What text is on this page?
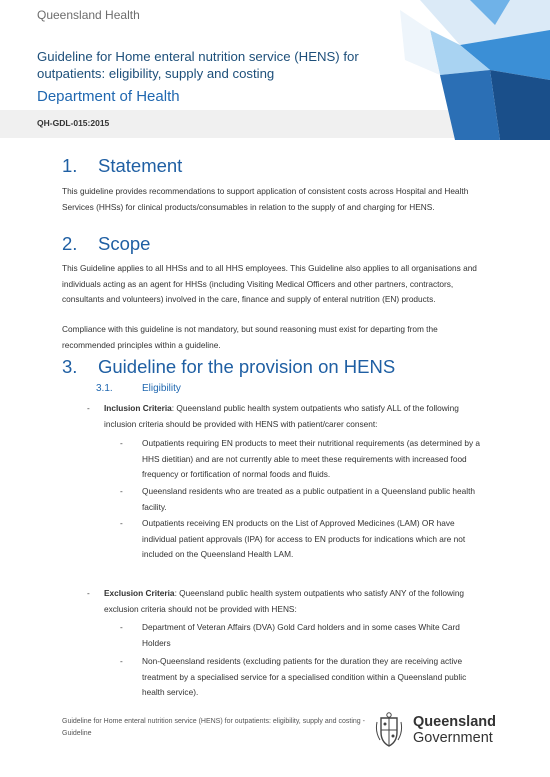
Queensland Health
Guideline for Home enteral nutrition service (HENS) for outpatients: eligibility, supply and costing
Department of Health
QH-GDL-015:2015
1. Statement
This guideline provides recommendations to support application of consistent costs across Hospital and Health Services (HHSs) for clinical products/consumables in relation to the supply of and charging for HENS.
2. Scope
This Guideline applies to all HHSs and to all HHS employees. This Guideline also applies to all organisations and individuals acting as an agent for HHSs (including Visiting Medical Officers and other partners, contractors, consultants and volunteers) involved in the care, finance and supply of enteral nutrition (EN) products.
Compliance with this guideline is not mandatory, but sound reasoning must exist for departing from the recommended principles within a guideline.
3. Guideline for the provision on HENS
3.1.	Eligibility
- Inclusion Criteria: Queensland public health system outpatients who satisfy ALL of the following inclusion criteria should be provided with HENS with patient/carer consent:
- Outpatients requiring EN products to meet their nutritional requirements (as determined by a HHS dietitian) and are not currently able to meet these requirements with increased food frequency or fortification of normal foods and fluids.
- Queensland residents who are treated as a public outpatient in a Queensland public health facility.
- Outpatients receiving EN products on the List of Approved Medicines (LAM) OR have individual patient approvals (IPA) for access to EN products for indications which are not included on the Queensland Health LAM.
- Exclusion Criteria: Queensland public health system outpatients who satisfy ANY of the following exclusion criteria should not be provided with HENS:
- Department of Veteran Affairs (DVA) Gold Card holders and in some cases White Card Holders
- Non-Queensland residents (excluding patients for the duration they are receiving active treatment by a specialised service for a specialised condition within a Queensland public health service).
Guideline for Home enteral nutrition service (HENS) for outpatients: eligibility, supply and costing - Guideline
Queensland
Government
